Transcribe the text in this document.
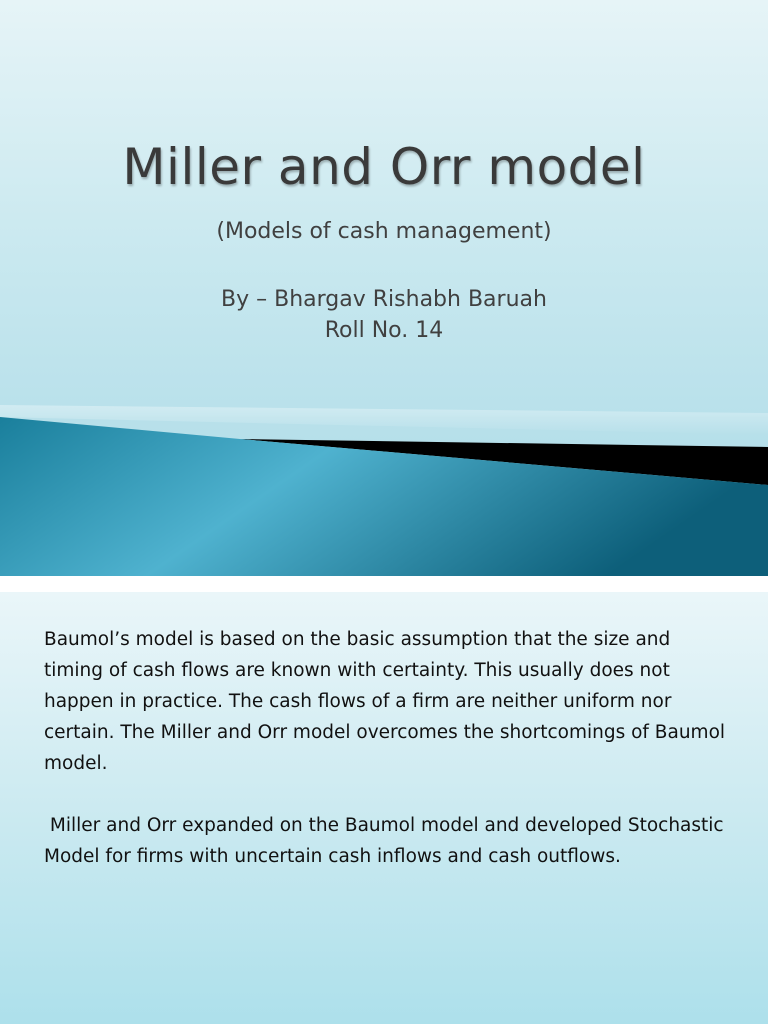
Miller and Orr model
(Models of cash management)
By – Bhargav Rishabh Baruah
Roll No. 14

Baumol’s model is based on the basic assumption that the size and timing of cash flows are known with certainty. This usually does not happen in practice. The cash flows of a firm are neither uniform nor certain. The Miller and Orr model overcomes the shortcomings of Baumol model.

Miller and Orr expanded on the Baumol model and developed Stochastic Model for firms with uncertain cash inflows and cash outflows.
